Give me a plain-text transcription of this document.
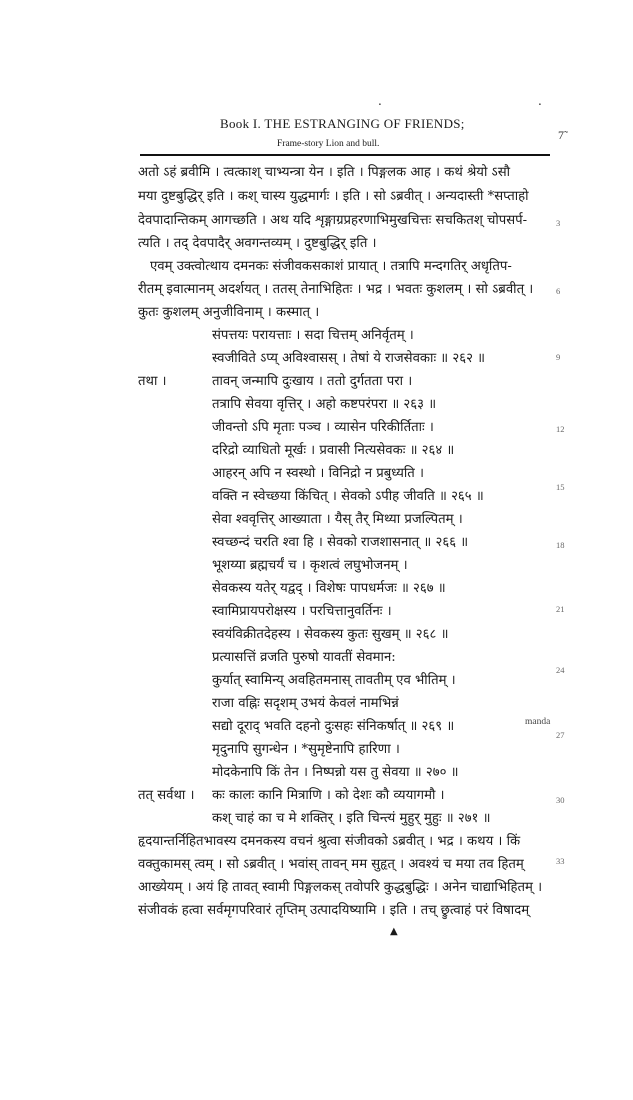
.	.
Book I. THE ESTRANGING OF FRIENDS;
7̃
Frame-story Lion and bull.
अतो ऽहं ब्रवीमि । त्वत्काश् चाभ्यन्त्रा येन । इति । पिङ्गलक आह । कथं श्रेयो ऽसौ
मया दुष्टबुद्धिर् इति । कश् चास्य युद्धमार्गः । इति । सो ऽब्रवीत् । अन्यदास्ती *सप्ताहो
देवपादान्तिकम् आगच्छति । अथ यदि शृङ्गाग्रप्रहरणाभिमुखचित्तः सचकितश् चोपसर्प-
त्यति । तद् देवपादैर् अवगन्तव्यम् । दुष्टबुद्धिर् इति ।
एवम् उक्त्वोत्थाय दमनकः संजीवकसकाशं प्रायात् । तत्रापि मन्दगतिर् अधृतिप-
रीतम् इवात्मानम् अदर्शयत् । ततस् तेनाभिहितः । भद्र । भवतः कुशलम् । सो ऽब्रवीत् ।
कुतः कुशलम् अनुजीविनाम् । कस्मात् ।
संपत्तयः परायत्ताः । सदा चित्तम् अनिर्वृतम् ।
स्वजीविते ऽप्य् अविश्वासस् । तेषां ये राजसेवकाः ॥ २६२ ॥
तथा ।	तावन् जन्मापि दुःखाय । ततो दुर्गतता परा ।
तत्रापि सेवया वृत्तिर् । अहो कष्टपरंपरा ॥ २६३ ॥
जीवन्तो ऽपि मृताः पञ्च । व्यासेन परिकीर्तिताः ।
दरिद्रो व्याधितो मूर्खः । प्रवासी नित्यसेवकः ॥ २६४ ॥
आहरन् अपि न स्वस्थो । विनिद्रो न प्रबुध्यति ।
वक्ति न स्वेच्छया किंचित् । सेवको ऽपीह जीवति ॥ २६५ ॥
सेवा श्ववृत्तिर् आख्याता । यैस् तैर् मिथ्या प्रजल्पितम् ।
स्वच्छन्दं चरति श्वा हि । सेवको राजशासनात् ॥ २६६ ॥
भूशय्या ब्रह्मचर्यं च । कृशत्वं लघुभोजनम् ।
सेवकस्य यतेर् यद्वद् । विशेषः पापधर्मजः ॥ २६७ ॥
स्वामिप्रायपरोक्षस्य । परचित्तानुवर्तिनः ।
स्वयंविक्रीतदेहस्य । सेवकस्य कुतः सुखम् ॥ २६८ ॥
प्रत्यासत्तिं व्रजति पुरुषो यावतीं सेवमान:
कुर्यात् स्वामिन्य् अवहितमनास् तावतीम् एव भीतिम् ।
राजा वह्निः सदृशम् उभयं केवलं नामभिन्नं
सद्यो दूराद् भवति दहनो दुःसहः संनिकर्षात् ॥ २६९ ॥
मृदुनापि सुगन्धेन । *सुमृष्टेनापि हारिणा ।
मोदकेनापि किं तेन । निष्पन्नो यस तु सेवया ॥ २७० ॥
तत् सर्वथा । कः कालः कानि मित्राणि । को देशः कौ व्ययागमौ ।
कश् चाहं का च मे शक्तिर् । इति चिन्त्यं मुहुर् मुहुः ॥ २७१ ॥
हृदयान्तर्निहितभावस्य दमनकस्य वचनं श्रुत्वा संजीवको ऽब्रवीत् । भद्र । कथय । किं
वक्तुकामस् त्वम् । सो ऽब्रवीत् । भवांस् तावन् मम सुहृत् । अवश्यं च मया तव हितम्
आख्येयम् । अयं हि तावत् स्वामी पिङ्गलकस् तवोपरि कुद्धबुद्धिः । अनेन चाद्याभिहितम् ।
संजीवकं हत्वा सर्वमृगपरिवारं तृप्तिम् उत्पादयिष्यामि । इति । तच् छ्रुत्वाहं परं विषादम्
▲
3
6
9
12
15
18
21
24
27
30
33
manda
